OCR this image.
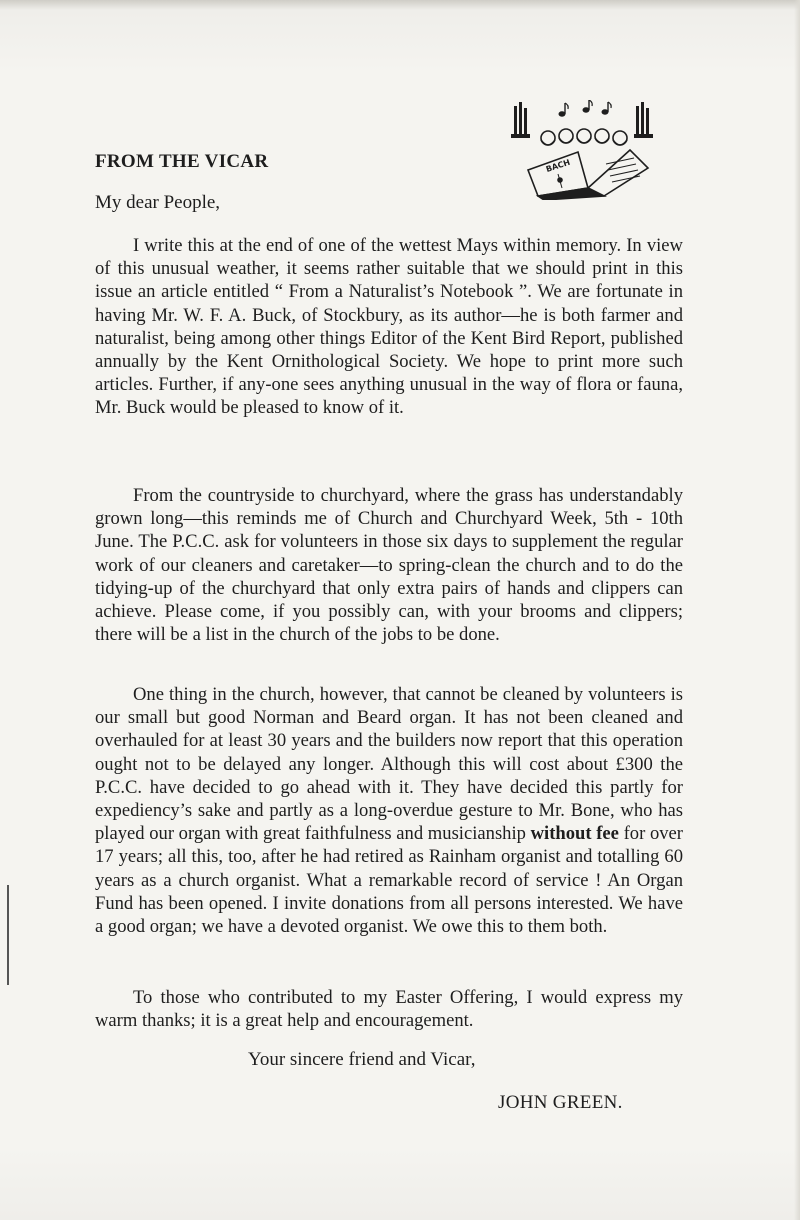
BACH
FROM THE VICAR

My dear People,

I write this at the end of one of the wettest Mays within memory. In view of this unusual weather, it seems rather suitable that we should print in this issue an article entitled “ From a Naturalist’s Notebook ”. We are fortunate in having Mr. W. F. A. Buck, of Stockbury, as its author—he is both farmer and naturalist, being among other things Editor of the Kent Bird Report, published annually by the Kent Ornithological Society. We hope to print more such articles. Further, if any-one sees anything unusual in the way of flora or fauna, Mr. Buck would be pleased to know of it.

From the countryside to churchyard, where the grass has understandably grown long—this reminds me of Church and Churchyard Week, 5th - 10th June. The P.C.C. ask for volunteers in those six days to supplement the regular work of our cleaners and caretaker—to spring-clean the church and to do the tidying-up of the churchyard that only extra pairs of hands and clippers can achieve. Please come, if you possibly can, with your brooms and clippers; there will be a list in the church of the jobs to be done.

One thing in the church, however, that cannot be cleaned by volunteers is our small but good Norman and Beard organ. It has not been cleaned and overhauled for at least 30 years and the builders now report that this operation ought not to be delayed any longer. Although this will cost about £300 the P.C.C. have decided to go ahead with it. They have decided this partly for expediency’s sake and partly as a long-overdue gesture to Mr. Bone, who has played our organ with great faithfulness and musicianship without fee for over 17 years; all this, too, after he had retired as Rainham organist and totalling 60 years as a church organist. What a remarkable record of service ! An Organ Fund has been opened. I invite donations from all persons interested. We have a good organ; we have a devoted organist. We owe this to them both.

To those who contributed to my Easter Offering, I would express my warm thanks; it is a great help and encouragement.

Your sincere friend and Vicar,

JOHN GREEN.
